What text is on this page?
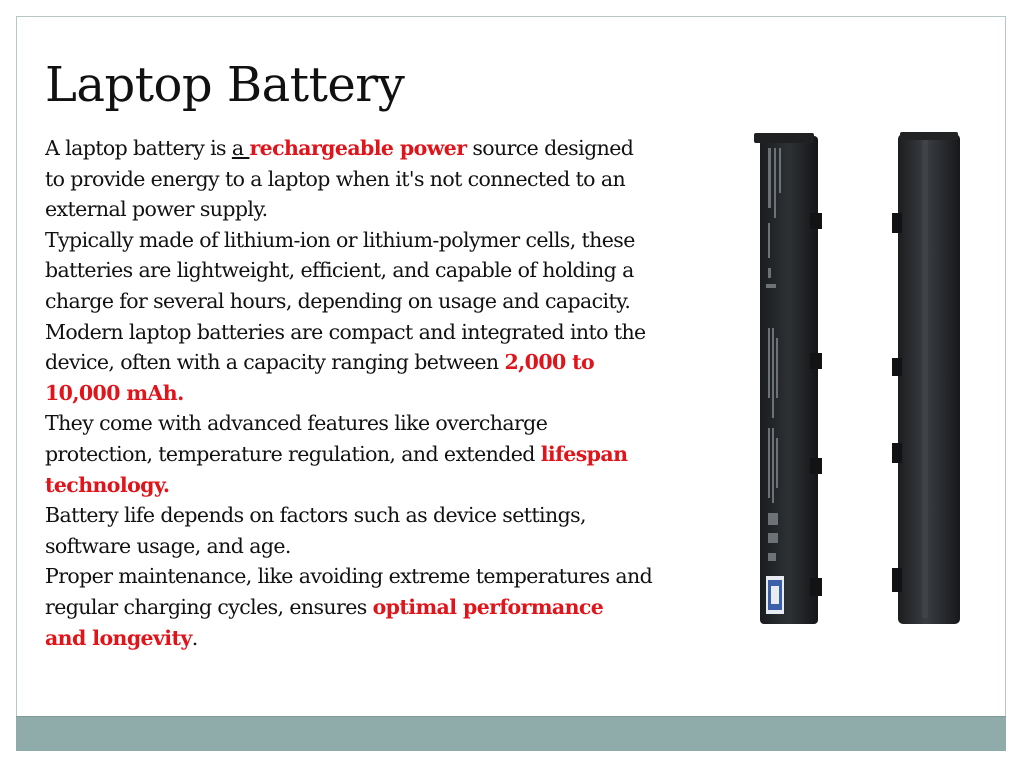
Laptop Battery
A laptop battery is a rechargeable power source designed
to provide energy to a laptop when it's not connected to an
external power supply.
Typically made of lithium-ion or lithium-polymer cells, these
batteries are lightweight, efficient, and capable of holding a
charge for several hours, depending on usage and capacity.
Modern laptop batteries are compact and integrated into the
device, often with a capacity ranging between 2,000 to
10,000 mAh.
They come with advanced features like overcharge
protection, temperature regulation, and extended lifespan
technology.
Battery life depends on factors such as device settings,
software usage, and age.
Proper maintenance, like avoiding extreme temperatures and
regular charging cycles, ensures optimal performance
and longevity.
